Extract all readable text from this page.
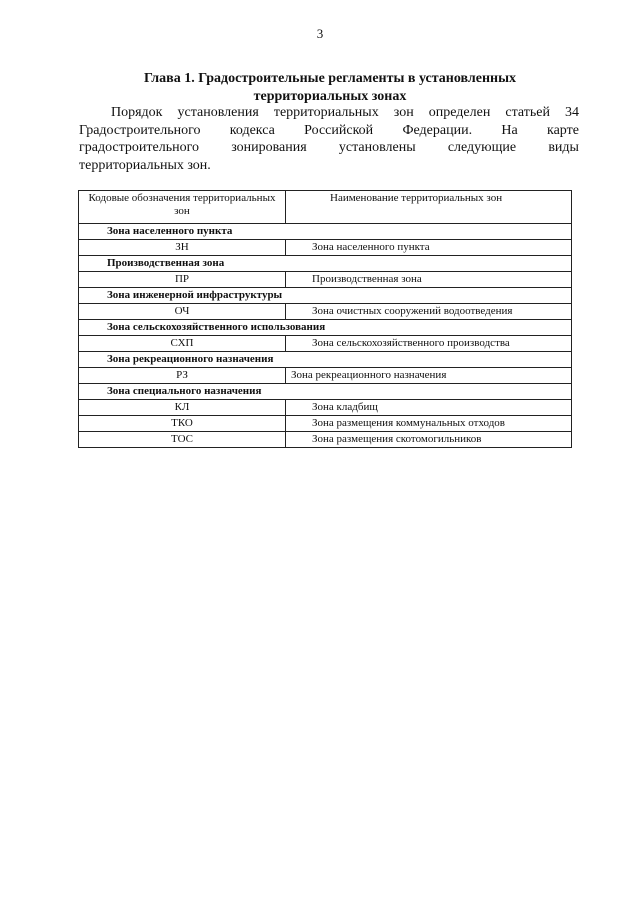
3
Глава 1. Градостроительные регламенты в установленных
территориальных зонах
Порядок установления территориальных зон определен статьей 34
Градостроительного кодекса Российской Федерации. На карте
градостроительного зонирования установлены следующие виды
территориальных зон.
Кодовые обозначения территориальных зон	Наименование территориальных зон
Зона населенного пункта	
ЗН	Зона населенного пункта
Производственная зона	
ПР	Производственная зона
Зона инженерной инфраструктуры	
ОЧ	Зона очистных сооружений водоотведения
Зона сельскохозяйственного использования	
СХП	Зона сельскохозяйственного производства
Зона рекреационного назначения	
РЗ	Зона рекреационного назначения
Зона специального назначения	
КЛ	Зона кладбищ
ТКО	Зона размещения коммунальных отходов
ТОС	Зона размещения скотомогильников
